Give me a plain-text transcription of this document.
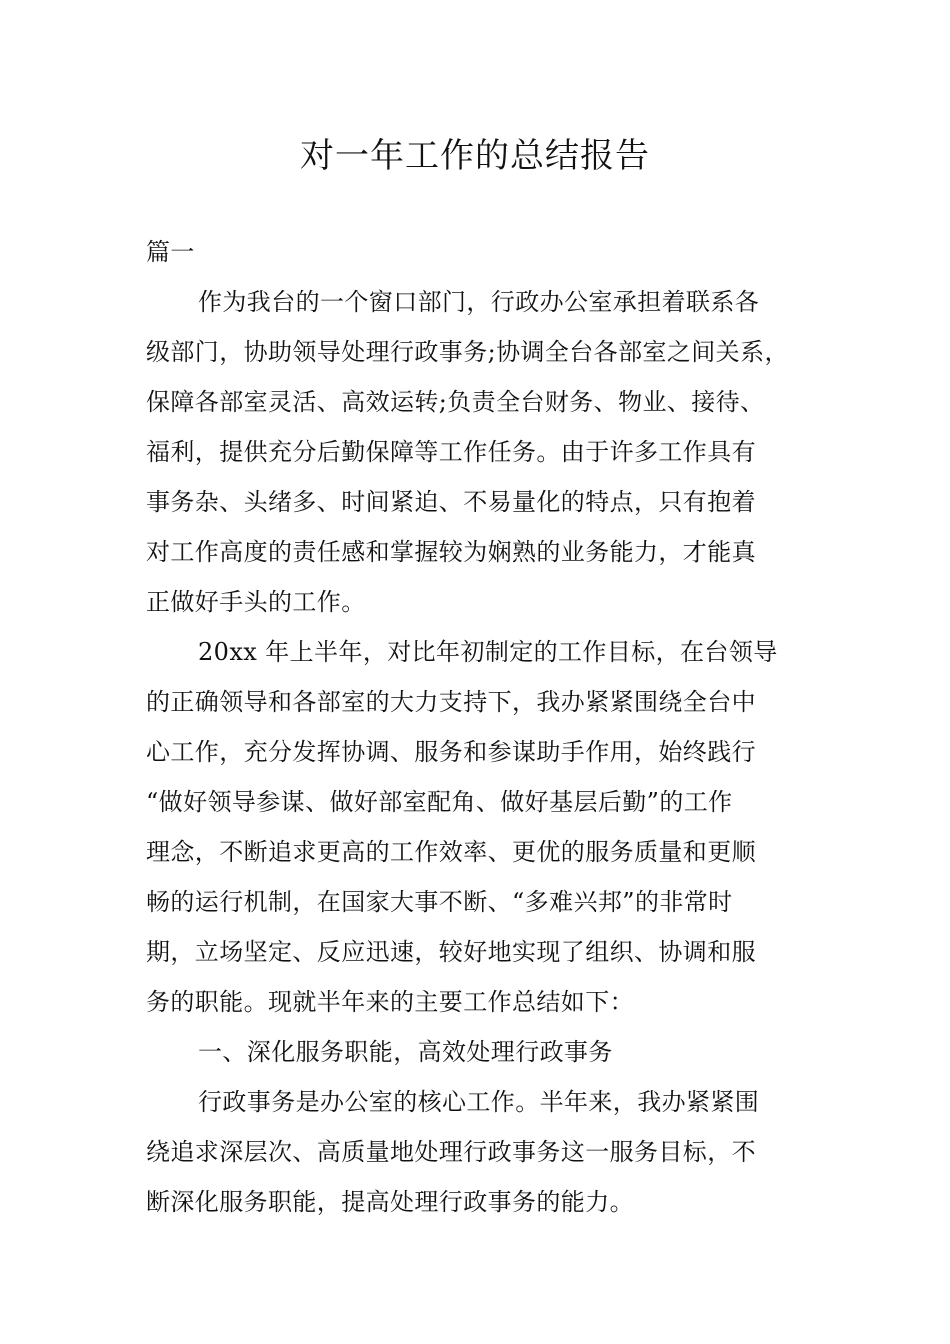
对一年工作的总结报告
篇一
作为我台的一个窗口部门，行政办公室承担着联系各
级部门，协助领导处理行政事务;协调全台各部室之间关系，
保障各部室灵活、高效运转;负责全台财务、物业、接待、
福利，提供充分后勤保障等工作任务。由于许多工作具有
事务杂、头绪多、时间紧迫、不易量化的特点，只有抱着
对工作高度的责任感和掌握较为娴熟的业务能力，才能真
正做好手头的工作。
20xx 年上半年，对比年初制定的工作目标，在台领导
的正确领导和各部室的大力支持下，我办紧紧围绕全台中
心工作，充分发挥协调、服务和参谋助手作用，始终践行
“做好领导参谋、做好部室配角、做好基层后勤”的工作
理念，不断追求更高的工作效率、更优的服务质量和更顺
畅的运行机制，在国家大事不断、“多难兴邦”的非常时
期，立场坚定、反应迅速，较好地实现了组织、协调和服
务的职能。现就半年来的主要工作总结如下：
一、深化服务职能，高效处理行政事务
行政事务是办公室的核心工作。半年来，我办紧紧围
绕追求深层次、高质量地处理行政事务这一服务目标，不
断深化服务职能，提高处理行政事务的能力。
